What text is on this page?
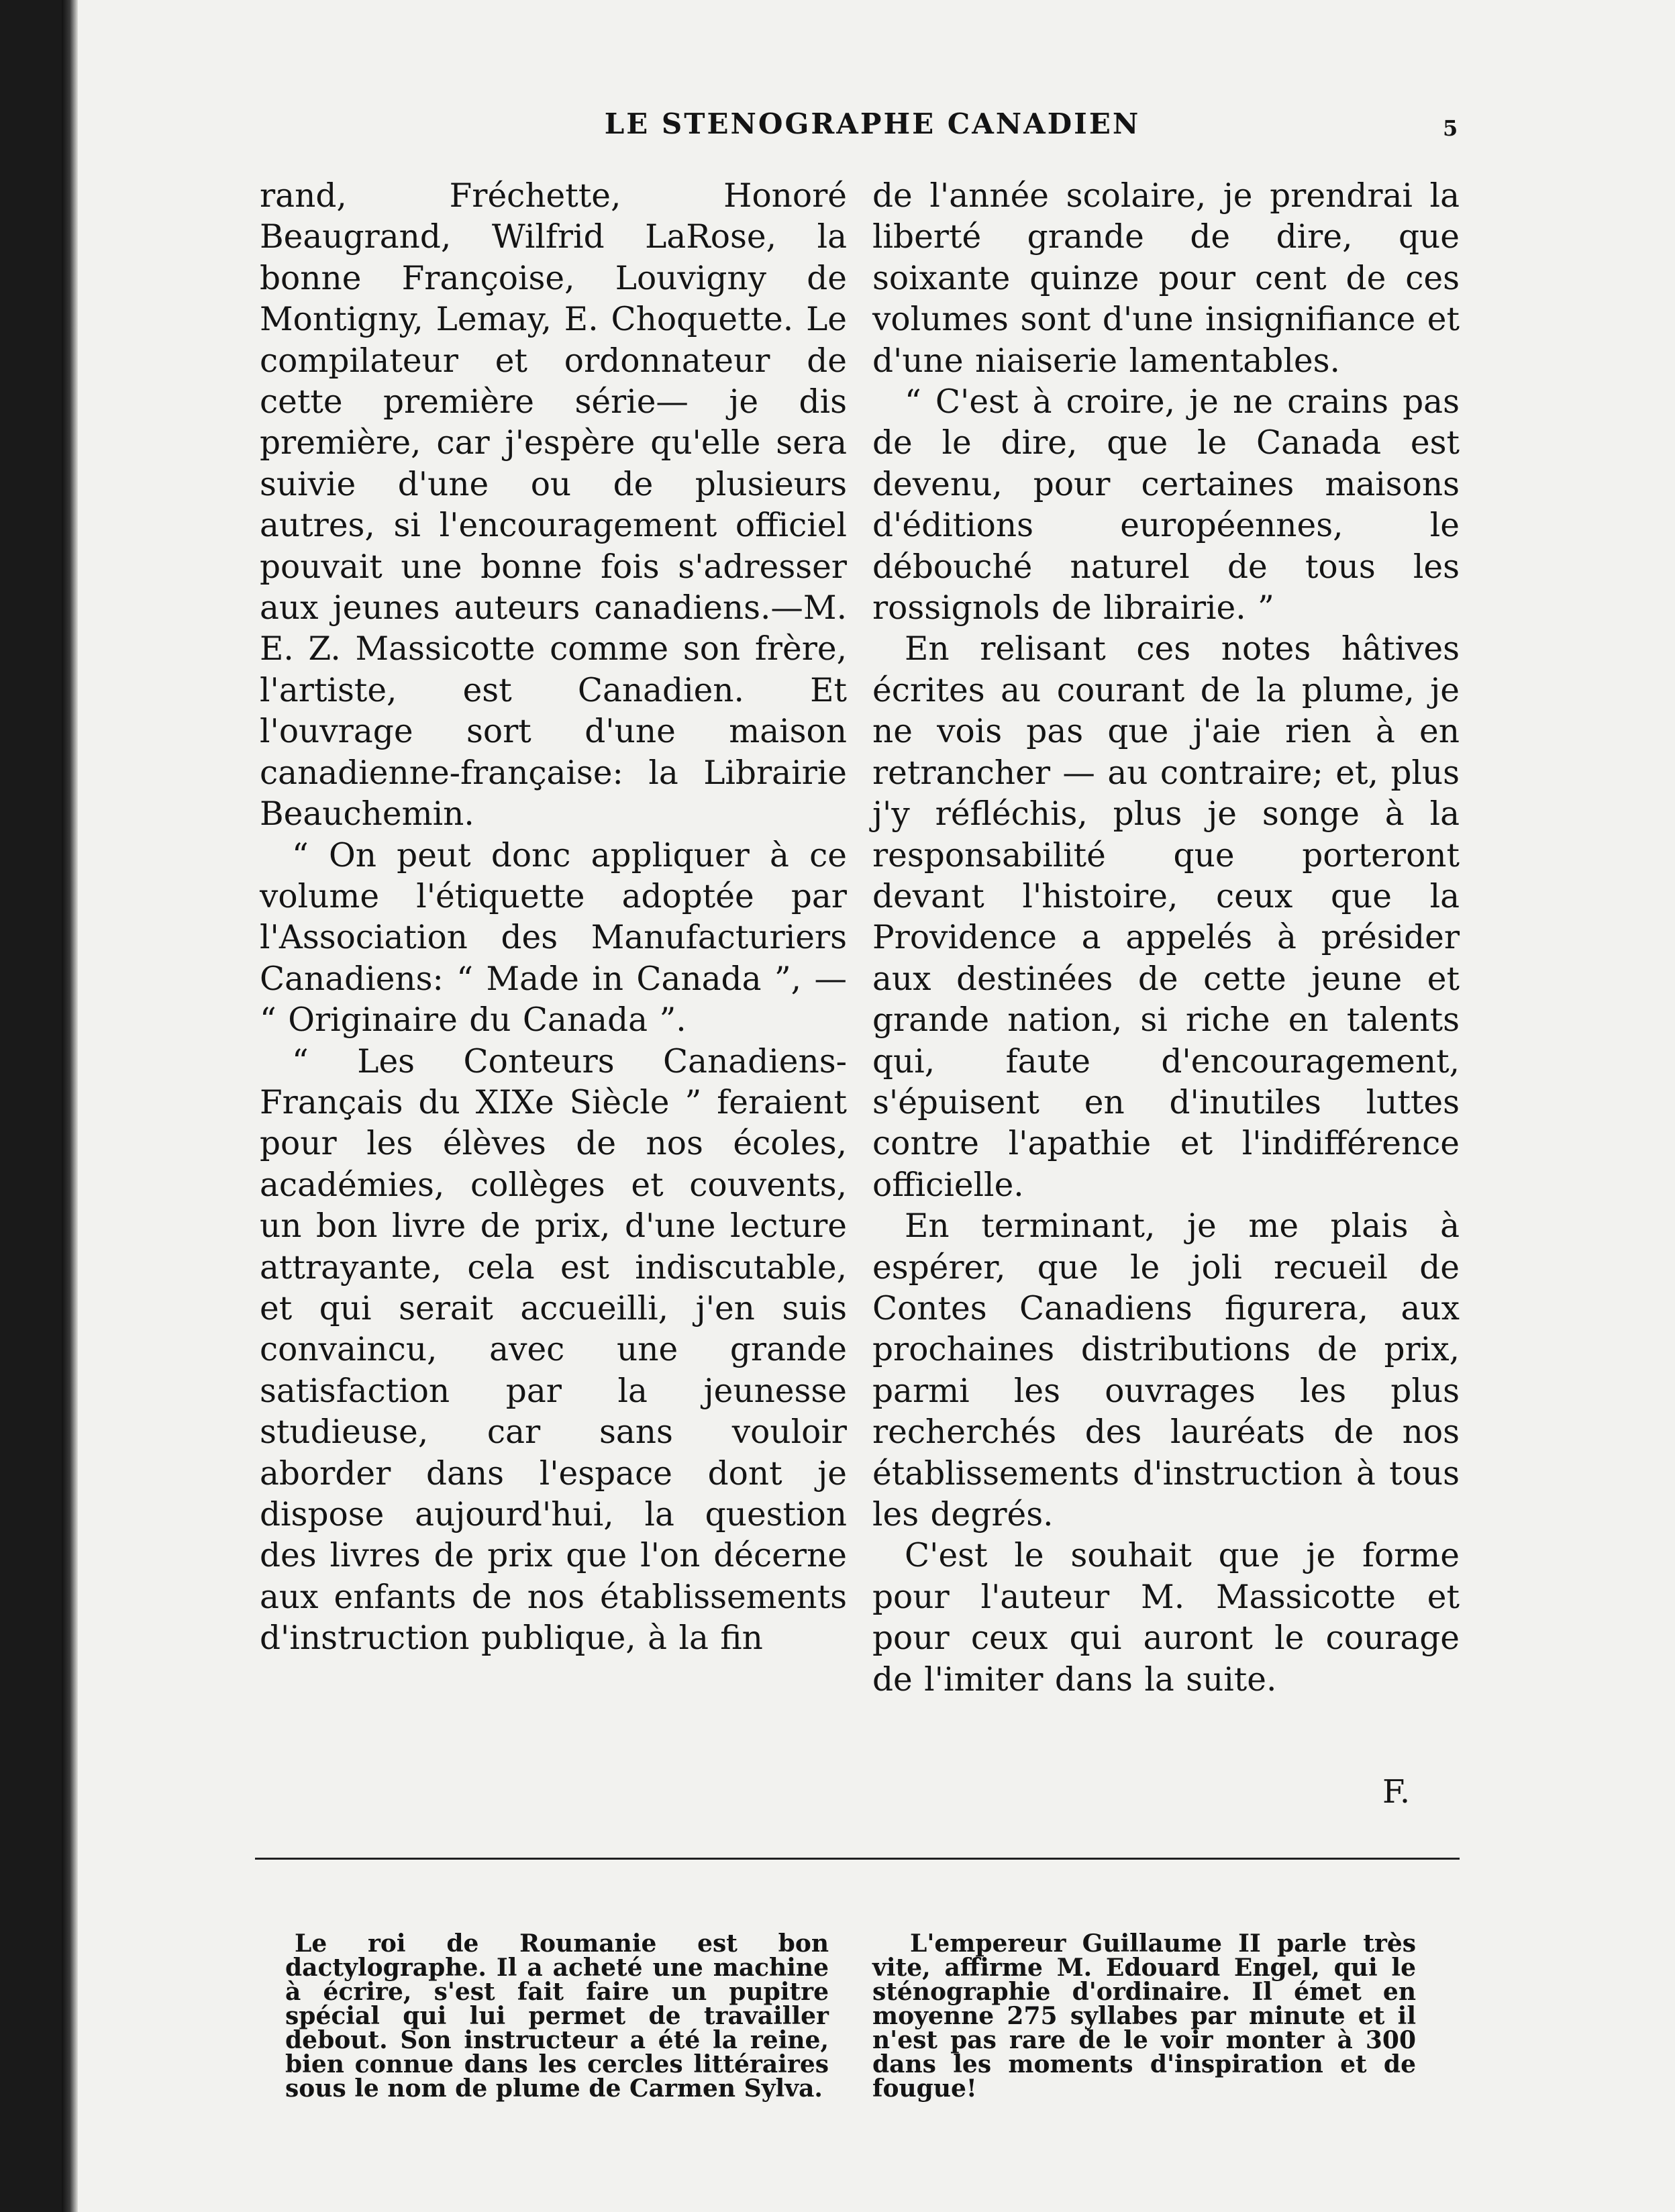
LE STENOGRAPHE CANADIEN	5

rand, Fréchette, Honoré Beaugrand, Wilfrid LaRose, la bonne Françoise, Louvigny de Montigny, Lemay, E. Choquette. Le compilateur et ordonnateur de cette première série— je dis première, car j'espère qu'elle sera suivie d'une ou de plusieurs autres, si l'encouragement officiel pouvait une bonne fois s'adresser aux jeunes auteurs canadiens.—M. E. Z. Massicotte comme son frère, l'artiste, est Canadien. Et l'ouvrage sort d'une maison canadienne-française: la Librairie Beauchemin.

“ On peut donc appliquer à ce volume l'étiquette adoptée par l'Association des Manufacturiers Canadiens: “ Made in Canada ”, — “ Originaire du Canada ”.

“ Les Conteurs Canadiens-Français du XIXe Siècle ” feraient pour les élèves de nos écoles, académies, collèges et couvents, un bon livre de prix, d'une lecture attrayante, cela est indiscutable, et qui serait accueilli, j'en suis convaincu, avec une grande satisfaction par la jeunesse studieuse, car sans vouloir aborder dans l'espace dont je dispose aujourd'hui, la question des livres de prix que l'on décerne aux enfants de nos établissements d'instruction publique, à la fin

de l'année scolaire, je prendrai la liberté grande de dire, que soixante quinze pour cent de ces volumes sont d'une insignifiance et d'une niaiserie lamentables.

“ C'est à croire, je ne crains pas de le dire, que le Canada est devenu, pour certaines maisons d'éditions européennes, le débouché naturel de tous les rossignols de librairie. ”

En relisant ces notes hâtives écrites au courant de la plume, je ne vois pas que j'aie rien à en retrancher — au contraire; et, plus j'y réfléchis, plus je songe à la responsabilité que porteront devant l'histoire, ceux que la Providence a appelés à présider aux destinées de cette jeune et grande nation, si riche en talents qui, faute d'encouragement, s'épuisent en d'inutiles luttes contre l'apathie et l'indifférence officielle.

En terminant, je me plais à espérer, que le joli recueil de Contes Canadiens figurera, aux prochaines distributions de prix, parmi les ouvrages les plus recherchés des lauréats de nos établissements d'instruction à tous les degrés.

C'est le souhait que je forme pour l'auteur M. Massicotte et pour ceux qui auront le courage de l'imiter dans la suite.

F.

Le roi de Roumanie est bon dactylographe. Il a acheté une machine à écrire, s'est fait faire un pupitre spécial qui lui permet de travailler debout. Son instructeur a été la reine, bien connue dans les cercles littéraires sous le nom de plume de Carmen Sylva.

L'empereur Guillaume II parle très vite, affirme M. Edouard Engel, qui le sténographie d'ordinaire. Il émet en moyenne 275 syllabes par minute et il n'est pas rare de le voir monter à 300 dans les moments d'inspiration et de fougue!
